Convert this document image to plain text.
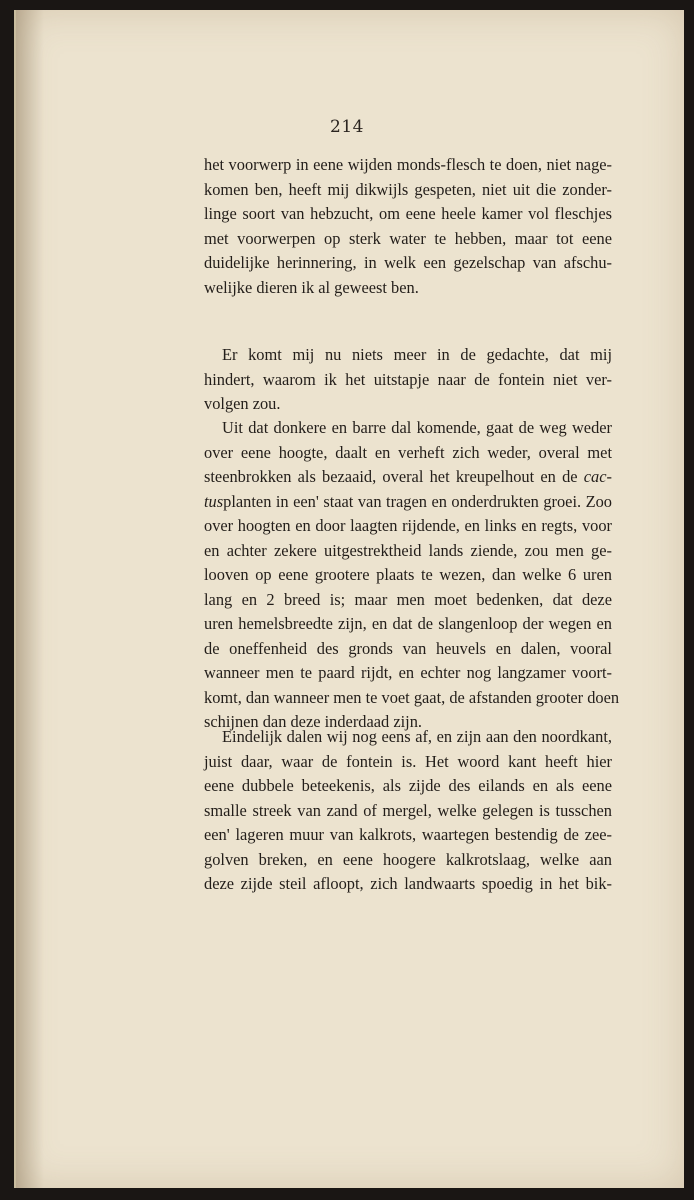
214
het voorwerp in eene wijden monds-flesch te doen, niet nage-
komen ben, heeft mij dikwijls gespeten, niet uit die zonder-
linge soort van hebzucht, om eene heele kamer vol fleschjes
met voorwerpen op sterk water te hebben, maar tot eene
duidelijke herinnering, in welk een gezelschap van afschu-
welijke dieren ik al geweest ben.
Er komt mij nu niets meer in de gedachte, dat mij
hindert, waarom ik het uitstapje naar de fontein niet ver-
volgen zou.
Uit dat donkere en barre dal komende, gaat de weg weder
over eene hoogte, daalt en verheft zich weder, overal met
steenbrokken als bezaaid, overal het kreupelhout en de cac-
tusplanten in een' staat van tragen en onderdrukten groei. Zoo
over hoogten en door laagten rijdende, en links en regts, voor
en achter zekere uitgestrektheid lands ziende, zou men ge-
looven op eene grootere plaats te wezen, dan welke 6 uren
lang en 2 breed is; maar men moet bedenken, dat deze
uren hemelsbreedte zijn, en dat de slangenloop der wegen en
de oneffenheid des gronds van heuvels en dalen, vooral
wanneer men te paard rijdt, en echter nog langzamer voort-
komt, dan wanneer men te voet gaat, de afstanden grooter doen
schijnen dan deze inderdaad zijn.
Eindelijk dalen wij nog eens af, en zijn aan den noordkant,
juist daar, waar de fontein is. Het woord kant heeft hier
eene dubbele beteekenis, als zijde des eilands en als eene
smalle streek van zand of mergel, welke gelegen is tusschen
een' lageren muur van kalkrots, waartegen bestendig de zee-
golven breken, en eene hoogere kalkrotslaag, welke aan
deze zijde steil afloopt, zich landwaarts spoedig in het bik-
